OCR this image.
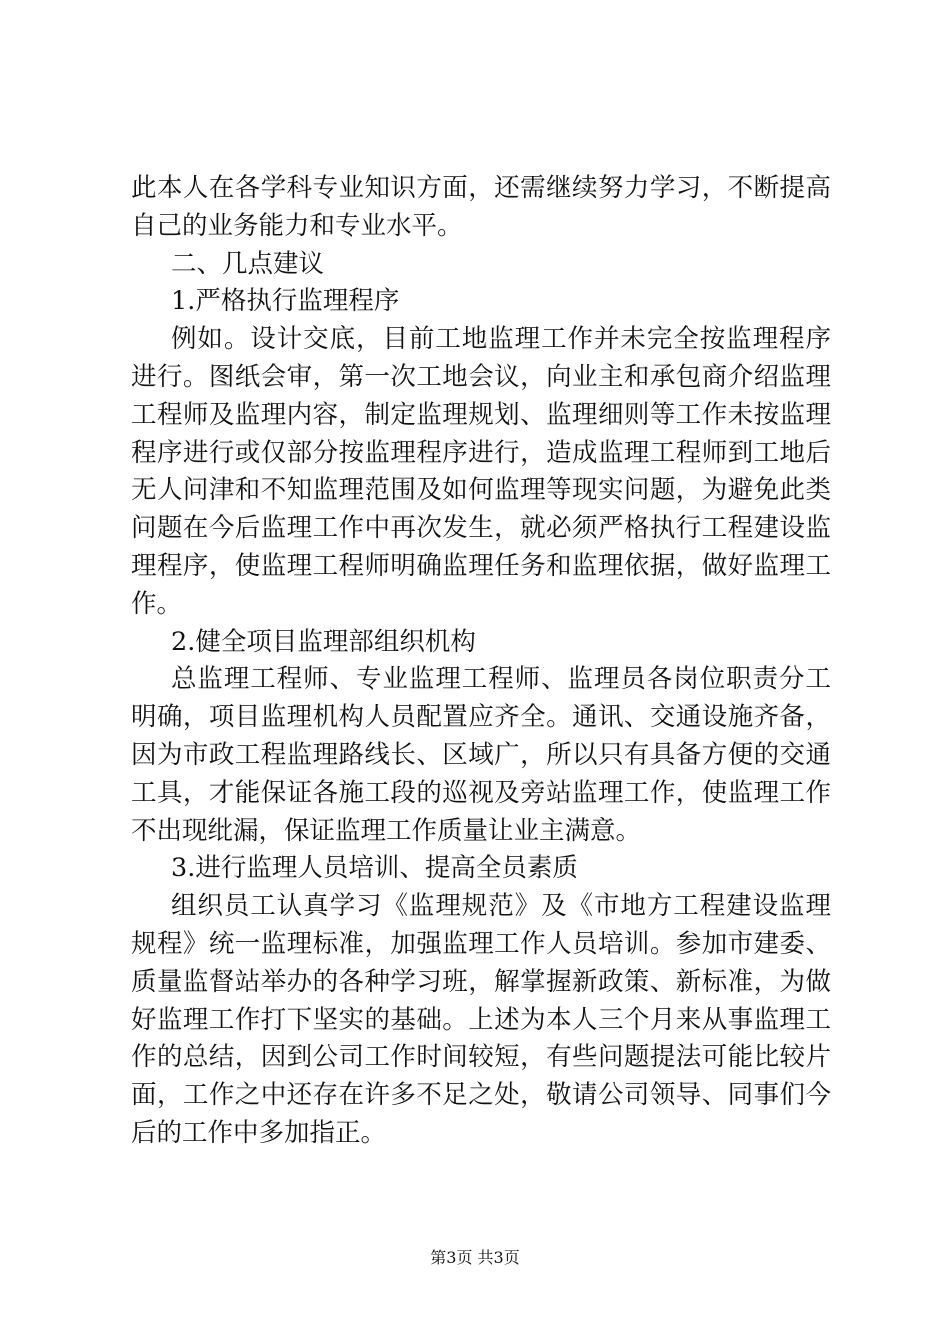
此本人在各学科专业知识方面，还需继续努力学习，不断提高
自己的业务能力和专业水平。
二、几点建议
1.严格执行监理程序
例如。设计交底，目前工地监理工作并未完全按监理程序
进行。图纸会审，第一次工地会议，向业主和承包商介绍监理
工程师及监理内容，制定监理规划、监理细则等工作未按监理
程序进行或仅部分按监理程序进行，造成监理工程师到工地后
无人问津和不知监理范围及如何监理等现实问题，为避免此类
问题在今后监理工作中再次发生，就必须严格执行工程建设监
理程序，使监理工程师明确监理任务和监理依据，做好监理工
作。
2.健全项目监理部组织机构
总监理工程师、专业监理工程师、监理员各岗位职责分工
明确，项目监理机构人员配置应齐全。通讯、交通设施齐备，
因为市政工程监理路线长、区域广，所以只有具备方便的交通
工具，才能保证各施工段的巡视及旁站监理工作，使监理工作
不出现纰漏，保证监理工作质量让业主满意。
3.进行监理人员培训、提高全员素质
组织员工认真学习《监理规范》及《市地方工程建设监理
规程》统一监理标准，加强监理工作人员培训。参加市建委、
质量监督站举办的各种学习班，解掌握新政策、新标准，为做
好监理工作打下坚实的基础。上述为本人三个月来从事监理工
作的总结，因到公司工作时间较短，有些问题提法可能比较片
面，工作之中还存在许多不足之处，敬请公司领导、同事们今
后的工作中多加指正。
第3页 共3页
